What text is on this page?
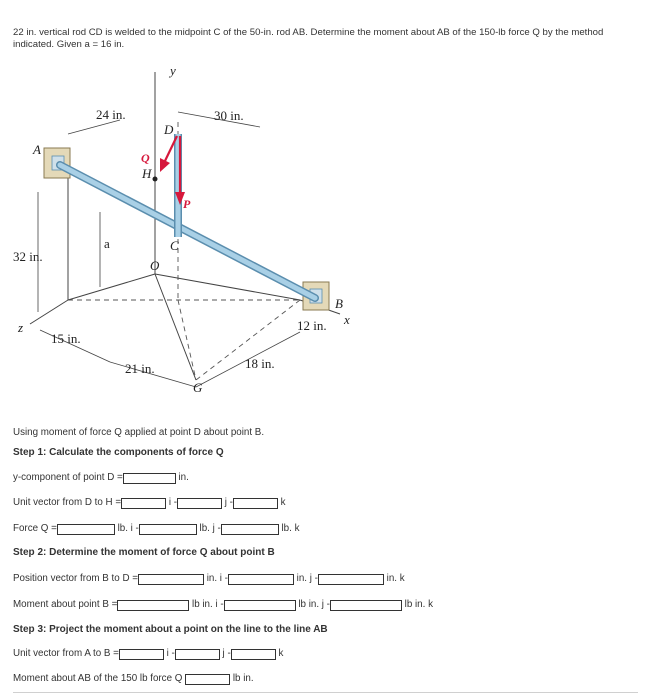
22 in. vertical rod CD is welded to the midpoint C of the 50-in. rod AB. Determine the moment about AB of the 150-lb force Q by the method indicated. Given a = 16 in.
y
x
z
A
B
C
D
H
O
G
P
Q
a
24 in.	30 in.
32 in.
15 in.
21 in.	18 in.
12 in.
Using moment of force Q applied at point D about point B.
Step 1: Calculate the components of force Q
y-component of point D =	in.
Unit vector from D to H =	i -	j -	k
Force Q =	lb. i -	lb. j -	lb. k
Step 2: Determine the moment of force Q about point B
Position vector from B to D =	in. i -	in. j -	in. k
Moment about point B =	lb in. i -	lb in. j -	lb in. k
Step 3: Project the moment about a point on the line to the line AB
Unit vector from A to B =	i -	j -	k
Moment about AB of the 150 lb force Q	lb in.
